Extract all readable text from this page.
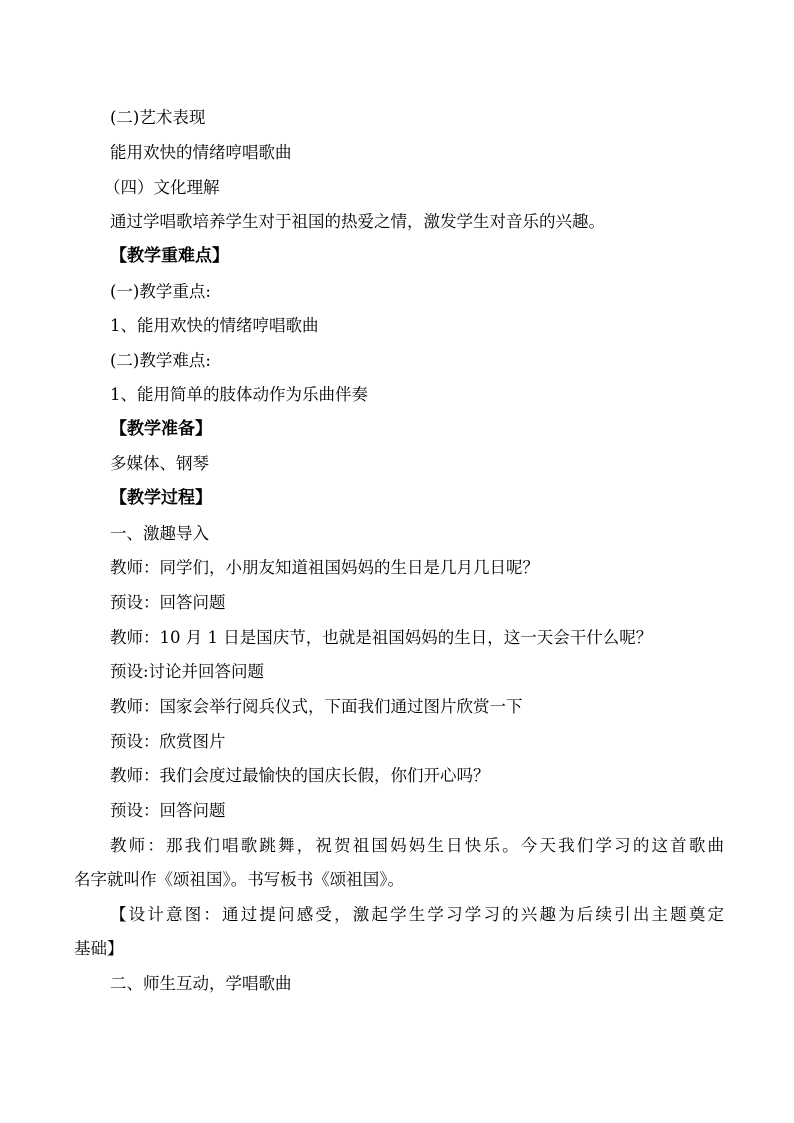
(二)艺术表现
能用欢快的情绪哼唱歌曲
（四）文化理解
通过学唱歌培养学生对于祖国的热爱之情，激发学生对音乐的兴趣。
【教学重难点】
(一)教学重点:
1、能用欢快的情绪哼唱歌曲
(二)教学难点:
1、能用简单的肢体动作为乐曲伴奏
【教学准备】
多媒体、钢琴
【教学过程】
一、激趣导入
教师：同学们，小朋友知道祖国妈妈的生日是几月几日呢？
预设：回答问题
教师：10 月 1 日是国庆节，也就是祖国妈妈的生日，这一天会干什么呢？
预设:讨论并回答问题
教师：国家会举行阅兵仪式，下面我们通过图片欣赏一下
预设：欣赏图片
教师：我们会度过最愉快的国庆长假，你们开心吗？
预设：回答问题
教师：那我们唱歌跳舞，祝贺祖国妈妈生日快乐。今天我们学习的这首歌曲
名字就叫作《颂祖国》。书写板书《颂祖国》。
【设计意图：通过提问感受，激起学生学习学习的兴趣为后续引出主题奠定
基础】
二、师生互动，学唱歌曲
